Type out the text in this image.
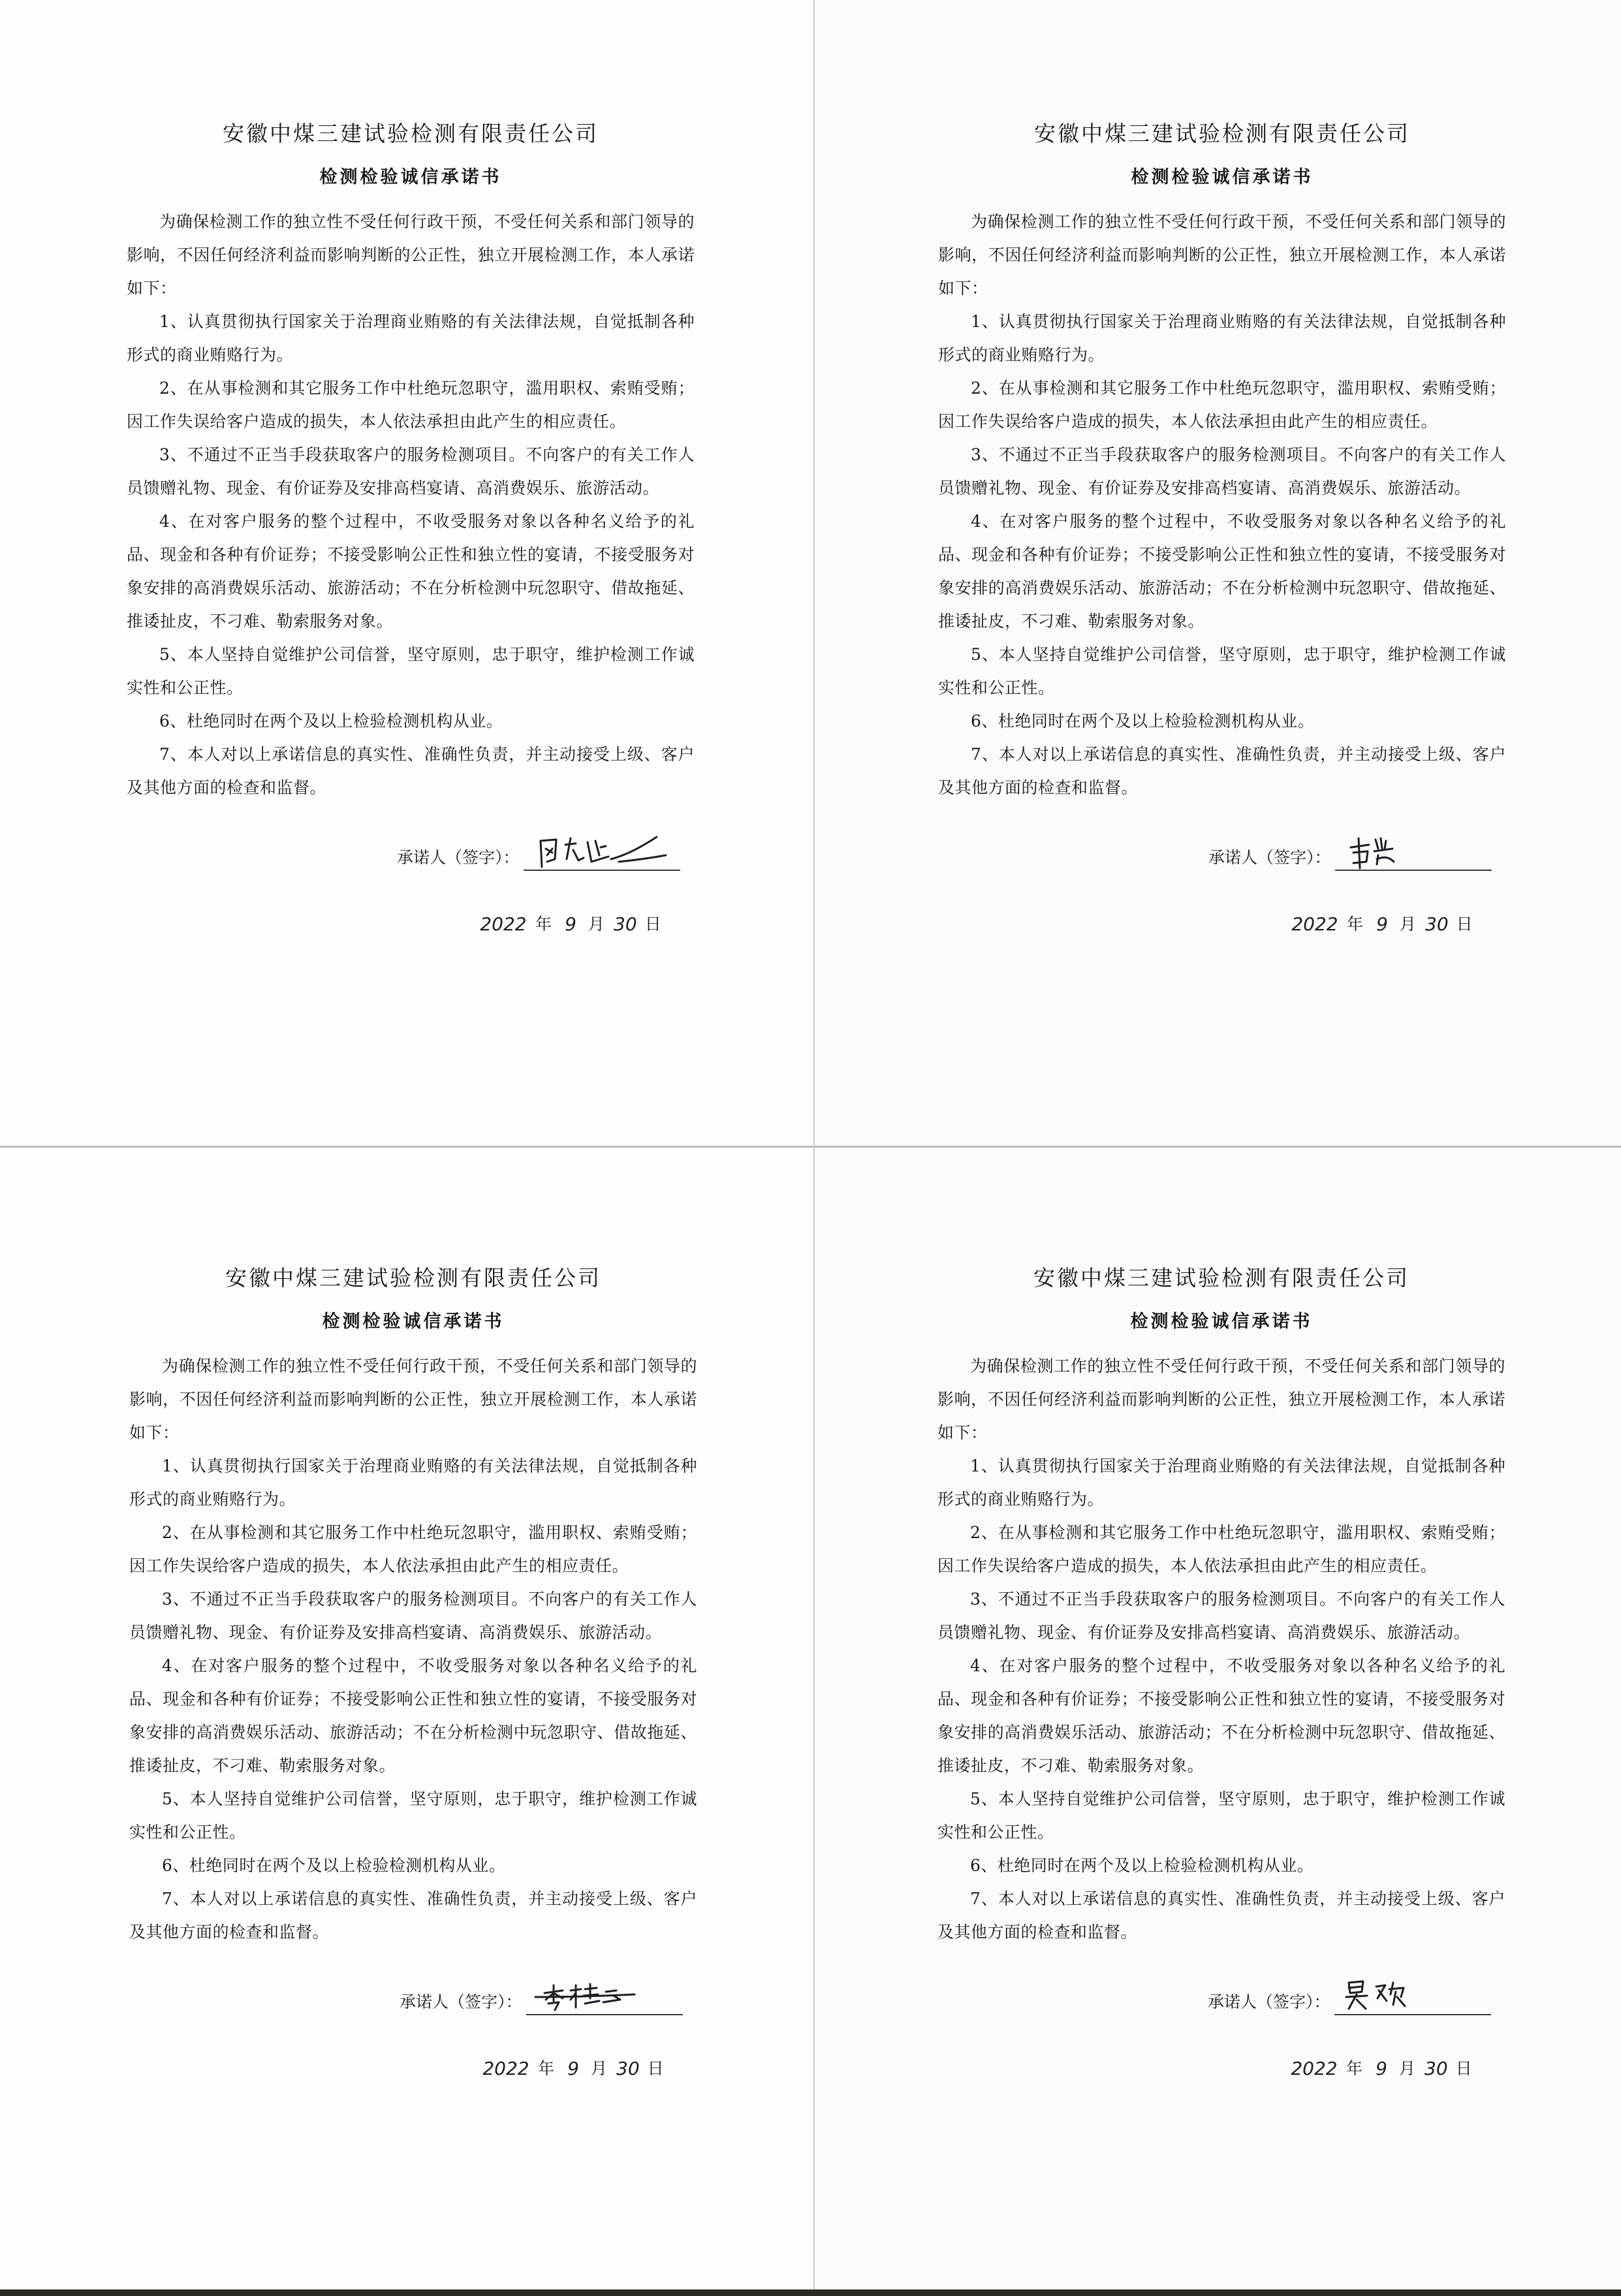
安徽中煤三建试验检测有限责任公司
检测检验诚信承诺书

为确保检测工作的独立性不受任何行政干预，不受任何关系和部门领导的影响，不因任何经济利益而影响判断的公正性，独立开展检测工作，本人承诺如下：

1、认真贯彻执行国家关于治理商业贿赂的有关法律法规，自觉抵制各种形式的商业贿赂行为。

2、在从事检测和其它服务工作中杜绝玩忽职守，滥用职权、索贿受贿；因工作失误给客户造成的损失，本人依法承担由此产生的相应责任。

3、不通过不正当手段获取客户的服务检测项目。不向客户的有关工作人员馈赠礼物、现金、有价证券及安排高档宴请、高消费娱乐、旅游活动。

4、在对客户服务的整个过程中，不收受服务对象以各种名义给予的礼品、现金和各种有价证券；不接受影响公正性和独立性的宴请，不接受服务对象安排的高消费娱乐活动、旅游活动；不在分析检测中玩忽职守、借故拖延、推诿扯皮，不刁难、勒索服务对象。

5、本人坚持自觉维护公司信誉，坚守原则，忠于职守，维护检测工作诚实性和公正性。

6、杜绝同时在两个及以上检验检测机构从业。

7、本人对以上承诺信息的真实性、准确性负责，并主动接受上级、客户及其他方面的检查和监督。

承诺人（签字）：
2022 年 9 月 30 日
安徽中煤三建试验检测有限责任公司
检测检验诚信承诺书

为确保检测工作的独立性不受任何行政干预，不受任何关系和部门领导的影响，不因任何经济利益而影响判断的公正性，独立开展检测工作，本人承诺如下：

1、认真贯彻执行国家关于治理商业贿赂的有关法律法规，自觉抵制各种形式的商业贿赂行为。

2、在从事检测和其它服务工作中杜绝玩忽职守，滥用职权、索贿受贿；因工作失误给客户造成的损失，本人依法承担由此产生的相应责任。

3、不通过不正当手段获取客户的服务检测项目。不向客户的有关工作人员馈赠礼物、现金、有价证券及安排高档宴请、高消费娱乐、旅游活动。

4、在对客户服务的整个过程中，不收受服务对象以各种名义给予的礼品、现金和各种有价证券；不接受影响公正性和独立性的宴请，不接受服务对象安排的高消费娱乐活动、旅游活动；不在分析检测中玩忽职守、借故拖延、推诿扯皮，不刁难、勒索服务对象。

5、本人坚持自觉维护公司信誉，坚守原则，忠于职守，维护检测工作诚实性和公正性。

6、杜绝同时在两个及以上检验检测机构从业。

7、本人对以上承诺信息的真实性、准确性负责，并主动接受上级、客户及其他方面的检查和监督。

承诺人（签字）：
2022 年 9 月 30 日
安徽中煤三建试验检测有限责任公司
检测检验诚信承诺书

为确保检测工作的独立性不受任何行政干预，不受任何关系和部门领导的影响，不因任何经济利益而影响判断的公正性，独立开展检测工作，本人承诺如下：

1、认真贯彻执行国家关于治理商业贿赂的有关法律法规，自觉抵制各种形式的商业贿赂行为。

2、在从事检测和其它服务工作中杜绝玩忽职守，滥用职权、索贿受贿；因工作失误给客户造成的损失，本人依法承担由此产生的相应责任。

3、不通过不正当手段获取客户的服务检测项目。不向客户的有关工作人员馈赠礼物、现金、有价证券及安排高档宴请、高消费娱乐、旅游活动。

4、在对客户服务的整个过程中，不收受服务对象以各种名义给予的礼品、现金和各种有价证券；不接受影响公正性和独立性的宴请，不接受服务对象安排的高消费娱乐活动、旅游活动；不在分析检测中玩忽职守、借故拖延、推诿扯皮，不刁难、勒索服务对象。

5、本人坚持自觉维护公司信誉，坚守原则，忠于职守，维护检测工作诚实性和公正性。

6、杜绝同时在两个及以上检验检测机构从业。

7、本人对以上承诺信息的真实性、准确性负责，并主动接受上级、客户及其他方面的检查和监督。

承诺人（签字）：
2022 年 9 月 30 日
安徽中煤三建试验检测有限责任公司
检测检验诚信承诺书

为确保检测工作的独立性不受任何行政干预，不受任何关系和部门领导的影响，不因任何经济利益而影响判断的公正性，独立开展检测工作，本人承诺如下：

1、认真贯彻执行国家关于治理商业贿赂的有关法律法规，自觉抵制各种形式的商业贿赂行为。

2、在从事检测和其它服务工作中杜绝玩忽职守，滥用职权、索贿受贿；因工作失误给客户造成的损失，本人依法承担由此产生的相应责任。

3、不通过不正当手段获取客户的服务检测项目。不向客户的有关工作人员馈赠礼物、现金、有价证券及安排高档宴请、高消费娱乐、旅游活动。

4、在对客户服务的整个过程中，不收受服务对象以各种名义给予的礼品、现金和各种有价证券；不接受影响公正性和独立性的宴请，不接受服务对象安排的高消费娱乐活动、旅游活动；不在分析检测中玩忽职守、借故拖延、推诿扯皮，不刁难、勒索服务对象。

5、本人坚持自觉维护公司信誉，坚守原则，忠于职守，维护检测工作诚实性和公正性。

6、杜绝同时在两个及以上检验检测机构从业。

7、本人对以上承诺信息的真实性、准确性负责，并主动接受上级、客户及其他方面的检查和监督。

承诺人（签字）：
2022 年 9 月 30 日
